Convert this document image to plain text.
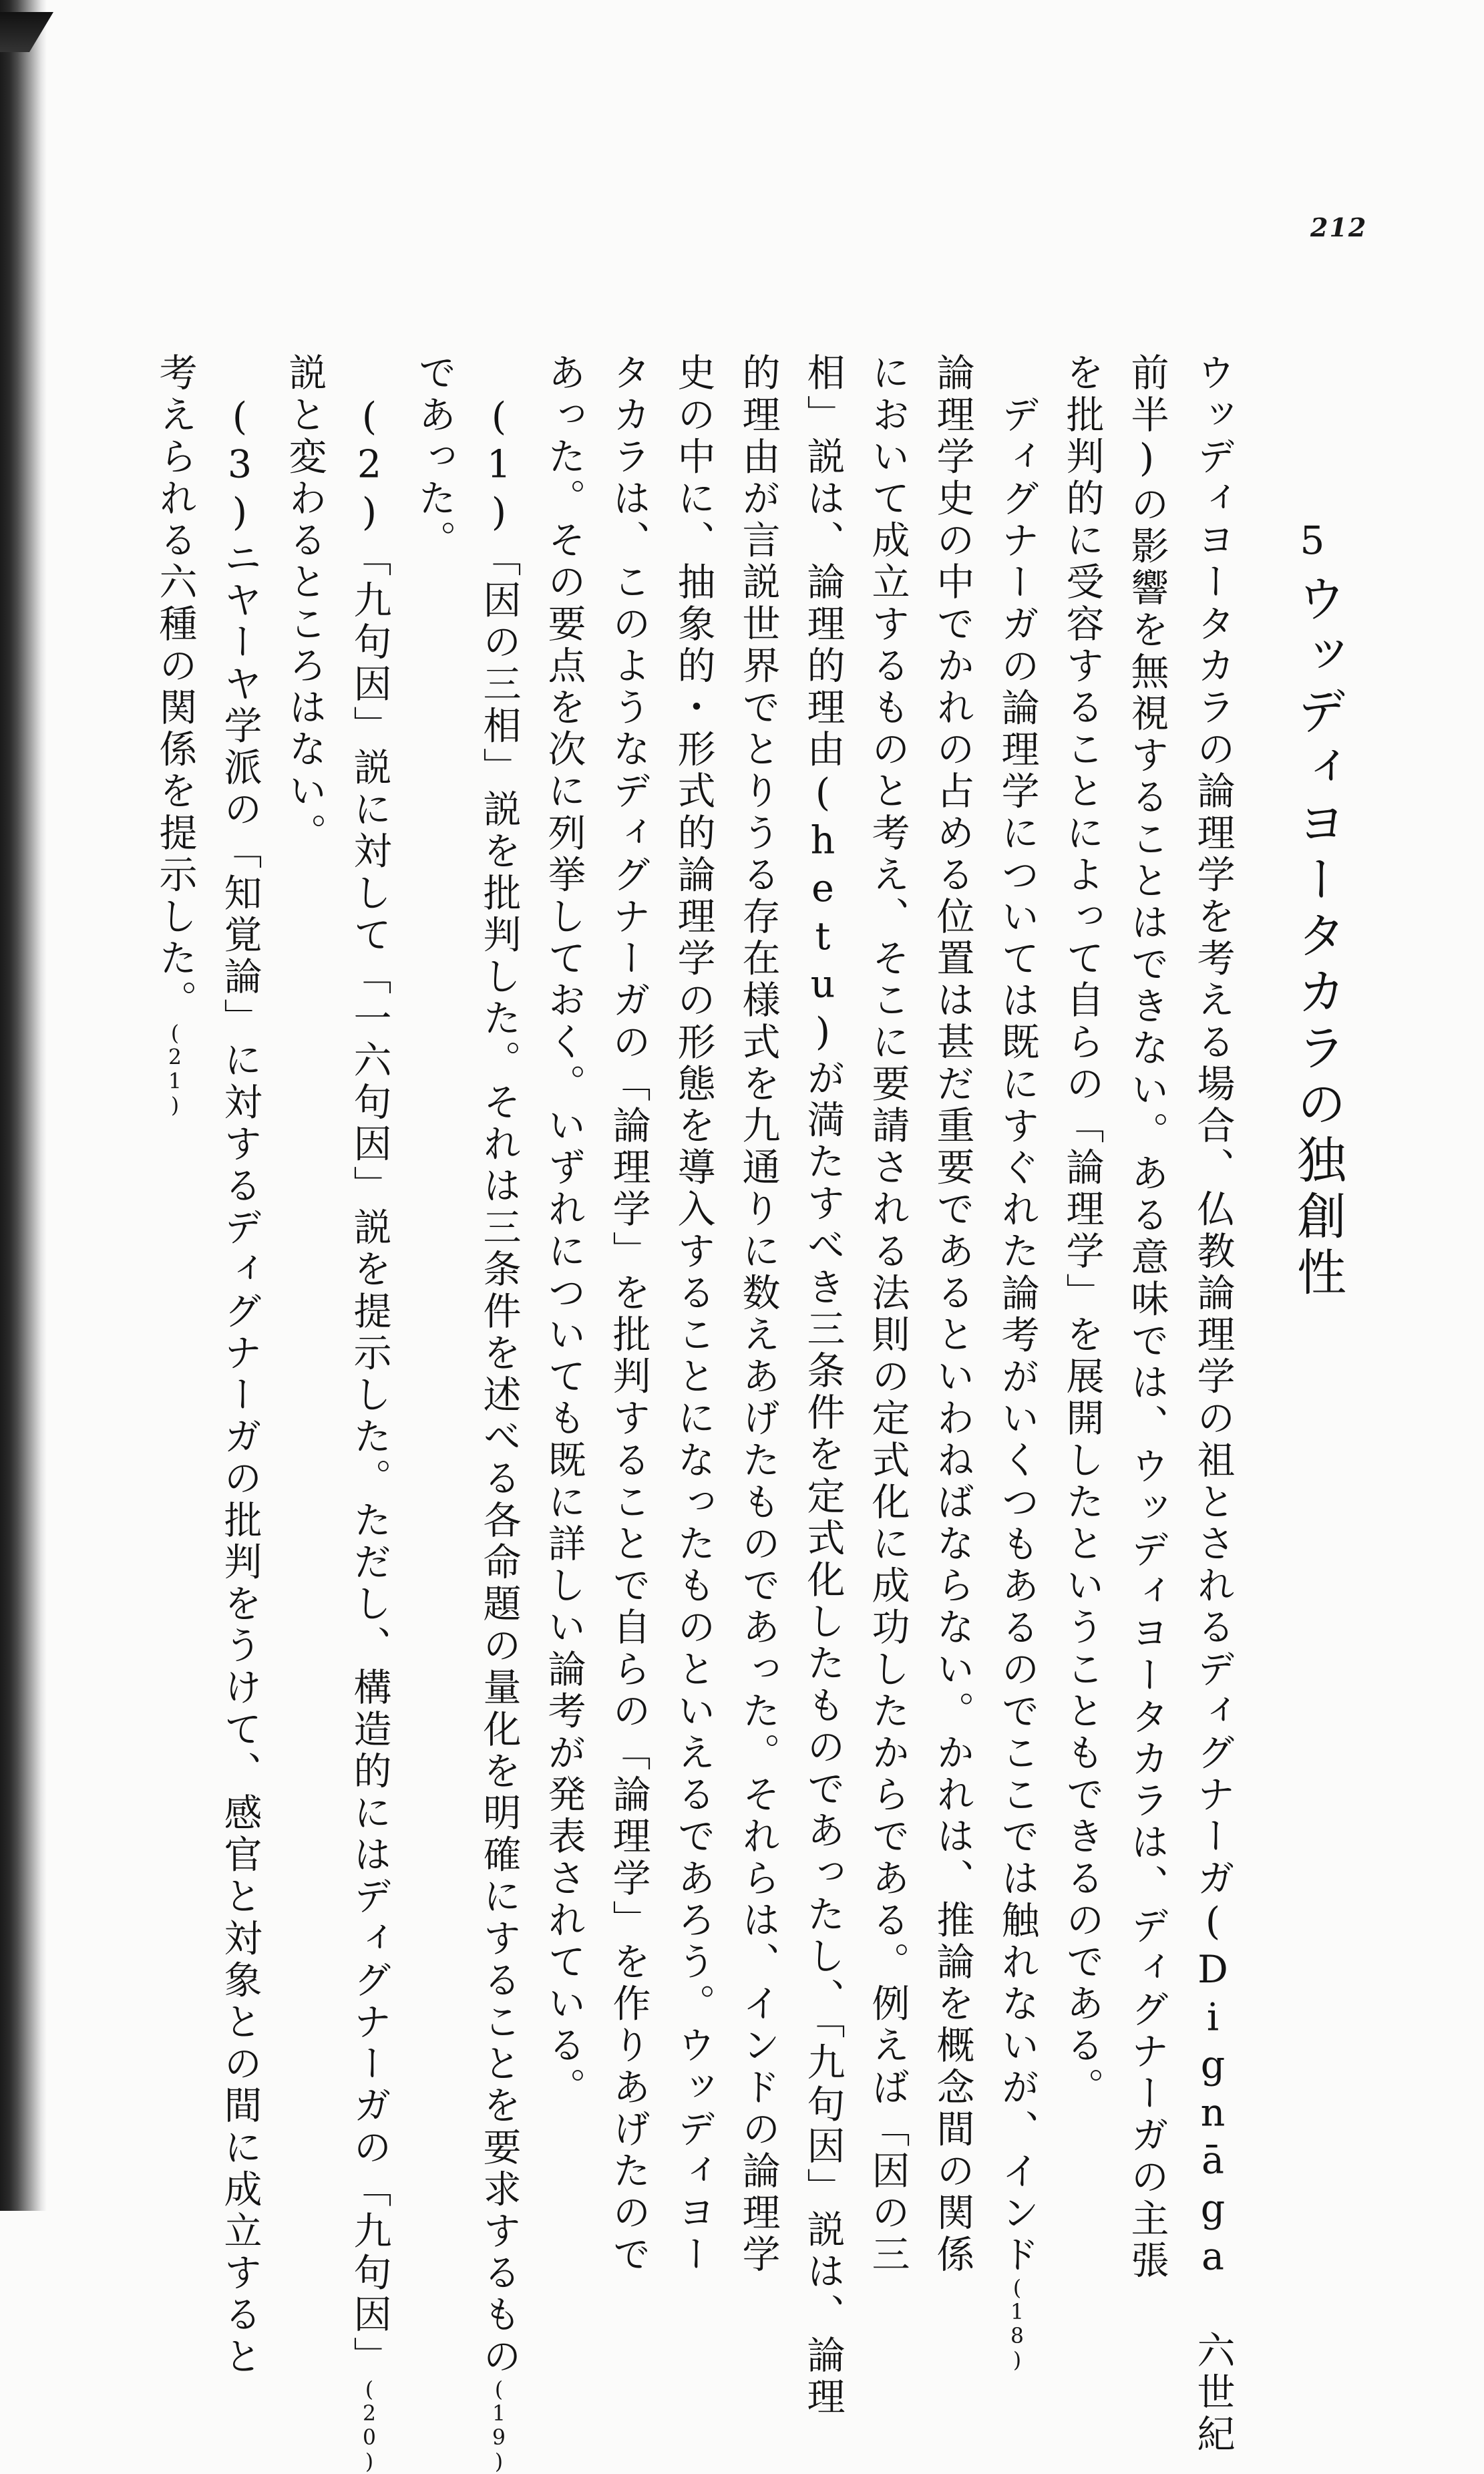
212
5
ウッディヨータカラの独創性
ウッディヨータカラの論理学を考える場合、仏教論理学の祖とされるディグナーガ(Dignāga 六世紀
前半)の影響を無視することはできない。ある意味では、ウッディヨータカラは、ディグナーガの主張
を批判的に受容することによって自らの「論理学」を展開したということもできるのである。
ディグナーガの論理学については既にすぐれた論考がいくつもあるのでここでは触れないが、インド(18)
論理学史の中でかれの占める位置は甚だ重要であるといわねばならない。かれは、推論を概念間の関係
において成立するものと考え、そこに要請される法則の定式化に成功したからである。例えば「因の三
相」説は、論理的理由(hetu)が満たすべき三条件を定式化したものであったし、「九句因」説は、論理
的理由が言説世界でとりうる存在様式を九通りに数えあげたものであった。それらは、インドの論理学
史の中に、抽象的・形式的論理学の形態を導入することになったものといえるであろう。ウッディヨー
タカラは、このようなディグナーガの「論理学」を批判することで自らの「論理学」を作りあげたので
あった。その要点を次に列挙しておく。いずれについても既に詳しい論考が発表されている。
(1)「因の三相」説を批判した。それは三条件を述べる各命題の量化を明確にすることを要求するもの(19)
であった。
(2)「九句因」説に対して「一六句因」説を提示した。ただし、構造的にはディグナーガの「九句因」(20)
説と変わるところはない。
(3)ニヤーヤ学派の「知覚論」に対するディグナーガの批判をうけて、感官と対象との間に成立すると
考えられる六種の関係を提示した。(21)
